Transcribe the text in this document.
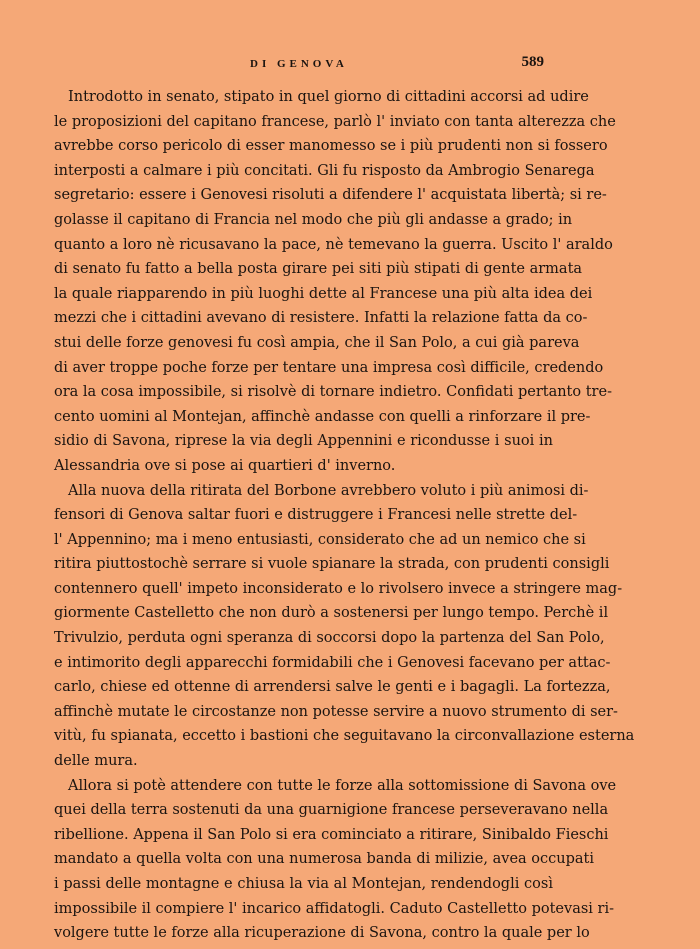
DI GENOVA	589
Introdotto in senato, stipato in quel giorno di cittadini accorsi ad udire
le proposizioni del capitano francese, parlò l' inviato con tanta alterezza che
avrebbe corso pericolo di esser manomesso se i più prudenti non si fossero
interposti a calmare i più concitati. Gli fu risposto da Ambrogio Senarega
segretario: essere i Genovesi risoluti a difendere l' acquistata libertà; si re-
golasse il capitano di Francia nel modo che più gli andasse a grado; in
quanto a loro nè ricusavano la pace, nè temevano la guerra. Uscito l' araldo
di senato fu fatto a bella posta girare pei siti più stipati di gente armata
la quale riapparendo in più luoghi dette al Francese una più alta idea dei
mezzi che i cittadini avevano di resistere. Infatti la relazione fatta da co-
stui delle forze genovesi fu così ampia, che il San Polo, a cui già pareva
di aver troppe poche forze per tentare una impresa così difficile, credendo
ora la cosa impossibile, si risolvè di tornare indietro. Confidati pertanto tre-
cento uomini al Montejan, affinchè andasse con quelli a rinforzare il pre-
sidio di Savona, riprese la via degli Appennini e ricondusse i suoi in
Alessandria ove si pose ai quartieri d' inverno.
Alla nuova della ritirata del Borbone avrebbero voluto i più animosi di-
fensori di Genova saltar fuori e distruggere i Francesi nelle strette del-
l' Appennino; ma i meno entusiasti, considerato che ad un nemico che si
ritira piuttostochè serrare si vuole spianare la strada, con prudenti consigli
contennero quell' impeto inconsiderato e lo rivolsero invece a stringere mag-
giormente Castelletto che non durò a sostenersi per lungo tempo. Perchè il
Trivulzio, perduta ogni speranza di soccorsi dopo la partenza del San Polo,
e intimorito degli apparecchi formidabili che i Genovesi facevano per attac-
carlo, chiese ed ottenne di arrendersi salve le genti e i bagagli. La fortezza,
affinchè mutate le circostanze non potesse servire a nuovo strumento di ser-
vitù, fu spianata, eccetto i bastioni che seguitavano la circonvallazione esterna
delle mura.
Allora si potè attendere con tutte le forze alla sottomissione di Savona ove
quei della terra sostenuti da una guarnigione francese perseveravano nella
ribellione. Appena il San Polo si era cominciato a ritirare, Sinibaldo Fieschi
mandato a quella volta con una numerosa banda di milizie, avea occupati
i passi delle montagne e chiusa la via al Montejan, rendendogli così
impossibile il compiere l' incarico affidatogli. Caduto Castelletto potevasi ri-
volgere tutte le forze alla ricuperazione di Savona, contro la quale per lo
